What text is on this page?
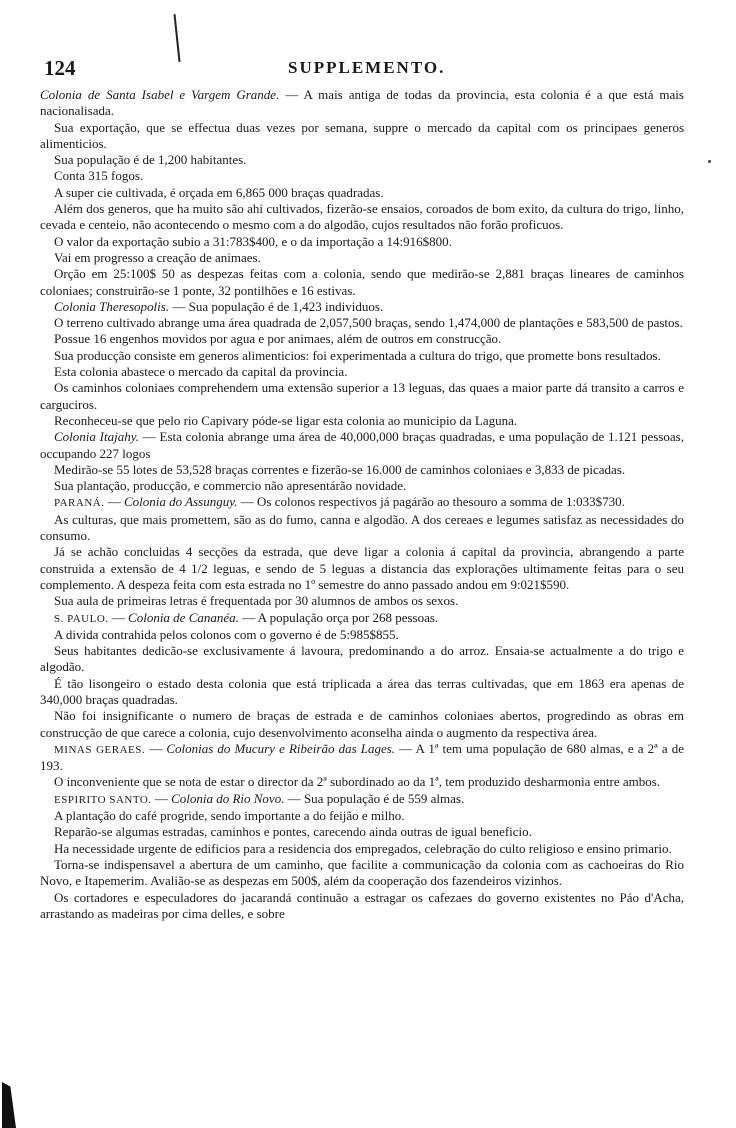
124	SUPPLEMENTO.

Colonia de Santa Isabel e Vargem Grande. — A mais antiga de todas da provincia, esta colonia é a que está mais nacionalisada.

Sua exportação, que se effectua duas vezes por semana, suppre o mercado da capital com os principaes generos alimenticios.

Sua população é de 1,200 habitantes.

Conta 315 fogos.

A super cie cultivada, é orçada em 6,865 000 braças quadradas.

Além dos generos, que ha muito são ahi cultivados, fizerão-se ensaios, coroados de bom exito, da cultura do trigo, linho, cevada e centeio, não acontecendo o mesmo com a do algodão, cujos resultados não forão proficuos.

O valor da exportação subio a 31:783$400, e o da importação a 14:916$800.

Vai em progresso a creação de animaes.

Orção em 25:100$ 50 as despezas feitas com a colonia, sendo que medirão-se 2,881 braças lineares de caminhos coloniaes; construirão-se 1 ponte, 32 pontilhões e 16 estivas.

Colonia Theresopolis. — Sua população é de 1,423 individuos.

O terreno cultivado abrange uma área quadrada de 2,057,500 braças, sendo 1,474,000 de plantações e 583,500 de pastos.

Possue 16 engenhos movidos por agua e por animaes, além de outros em construcção.

Sua producção consiste em generos alimenticios: foi experimentada a cultura do trigo, que promette bons resultados.

Esta colonia abastece o mercado da capital da provincia.

Os caminhos coloniaes comprehendem uma extensão superior a 13 leguas, das quaes a maior parte dá transito a carros e carguciros.

Reconheceu-se que pelo rio Capivary póde-se ligar esta colonia ao municipio da Laguna.

Colonia Itajahy. — Esta colonia abrange uma área de 40,000,000 braças quadradas, e uma população de 1.121 pessoas, occupando 227 logos

Medirão-se 55 lotes de 53,528 braças correntes e fizerão-se 16.000 de caminhos coloniaes e 3,833 de picadas.

Sua plantação, producção, e commercio não apresentárão novidade.

PARANÁ. — Colonia do Assunguy. — Os colonos respectivos já pagárão ao thesouro a somma de 1:033$730.

As culturas, que mais promettem, são as do fumo, canna e algodão. A dos cereaes e legumes satisfaz as necessidades do consumo.

Já se achão concluidas 4 secções da estrada, que deve ligar a colonia á capital da provincia, abrangendo a parte construida a extensão de 4 1/2 leguas, e sendo de 5 leguas a distancia das explorações ultimamente feitas para o seu complemento. A despeza feita com esta estrada no 1º semestre do anno passado andou em 9:021$590.

Sua aula de primeiras letras é frequentada por 30 alumnos de ambos os sexos.

S. PAULO. — Colonia de Cananéa. — A população orça por 268 pessoas.

A divida contrahida pelos colonos com o governo é de 5:985$855.

Seus habitantes dedicão-se exclusivamente á lavoura, predominando a do arroz. Ensaia-se actualmente a do trigo e algodão.

É tão lisongeiro o estado desta colonia que está triplicada a área das terras cultivadas, que em 1863 era apenas de 340,000 braças quadradas.

Não foi insignificante o numero de braças de estrada e de caminhos coloniaes abertos, progredindo as obras em construcção de que carece a colonia, cujo desenvolvimento aconselha ainda o augmento da respectiva área.

MINAS GERAES. — Colonias do Mucury e Ribeirão das Lages. — A 1ª tem uma população de 680 almas, e a 2ª a de 193.

O inconveniente que se nota de estar o director da 2ª subordinado ao da 1ª, tem produzido desharmonia entre ambos.

ESPIRITO SANTO. — Colonia do Rio Novo. — Sua população é de 559 almas.

A plantação do café progride, sendo importante a do feijão e milho.

Reparão-se algumas estradas, caminhos e pontes, carecendo ainda outras de igual beneficio.

Ha necessidade urgente de edificios para a residencia dos empregados, celebração do culto religioso e ensino primario.

Torna-se indispensavel a abertura de um caminho, que facilite a communicação da colonia com as cachoeiras do Rio Novo, e Itapemerim. Avalião-se as despezas em 500$, além da cooperação dos fazendeiros vizinhos.

Os cortadores e especuladores do jacarandá continuão a estragar os cafezaes do governo existentes no Páo d'Acha, arrastando as madeiras por cima delles, e sobre
